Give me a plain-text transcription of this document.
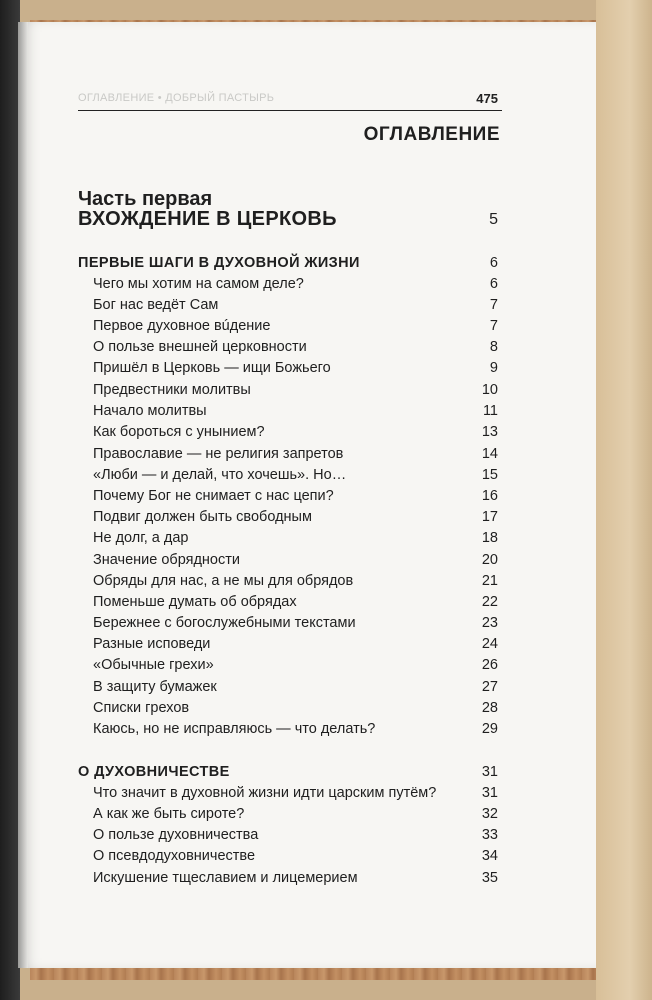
ОГЛАВЛЕНИЕ • ДОБРЫЙ ПАСТЫРЬ	475
ОГЛАВЛЕНИЕ
Часть первая
ВХОЖДЕНИЕ В ЦЕРКОВЬ	5
ПЕРВЫЕ ШАГИ В ДУХОВНОЙ ЖИЗНИ	6
Чего мы хотим на самом деле?	6
Бог нас ведёт Сам	7
Первое духовное вúдение	7
О пользе внешней церковности	8
Пришёл в Церковь — ищи Божьего	9
Предвестники молитвы	10
Начало молитвы	11
Как бороться с унынием?	13
Православие — не религия запретов	14
«Люби — и делай, что хочешь». Но…	15
Почему Бог не снимает с нас цепи?	16
Подвиг должен быть свободным	17
Не долг, а дар	18
Значение обрядности	20
Обряды для нас, а не мы для обрядов	21
Поменьше думать об обрядах	22
Бережнее с богослужебными текстами	23
Разные исповеди	24
«Обычные грехи»	26
В защиту бумажек	27
Списки грехов	28
Каюсь, но не исправляюсь — что делать?	29
О ДУХОВНИЧЕСТВЕ	31
Что значит в духовной жизни идти царским путём?	31
А как же быть сироте?	32
О пользе духовничества	33
О псевдодуховничестве	34
Искушение тщеславием и лицемерием	35
